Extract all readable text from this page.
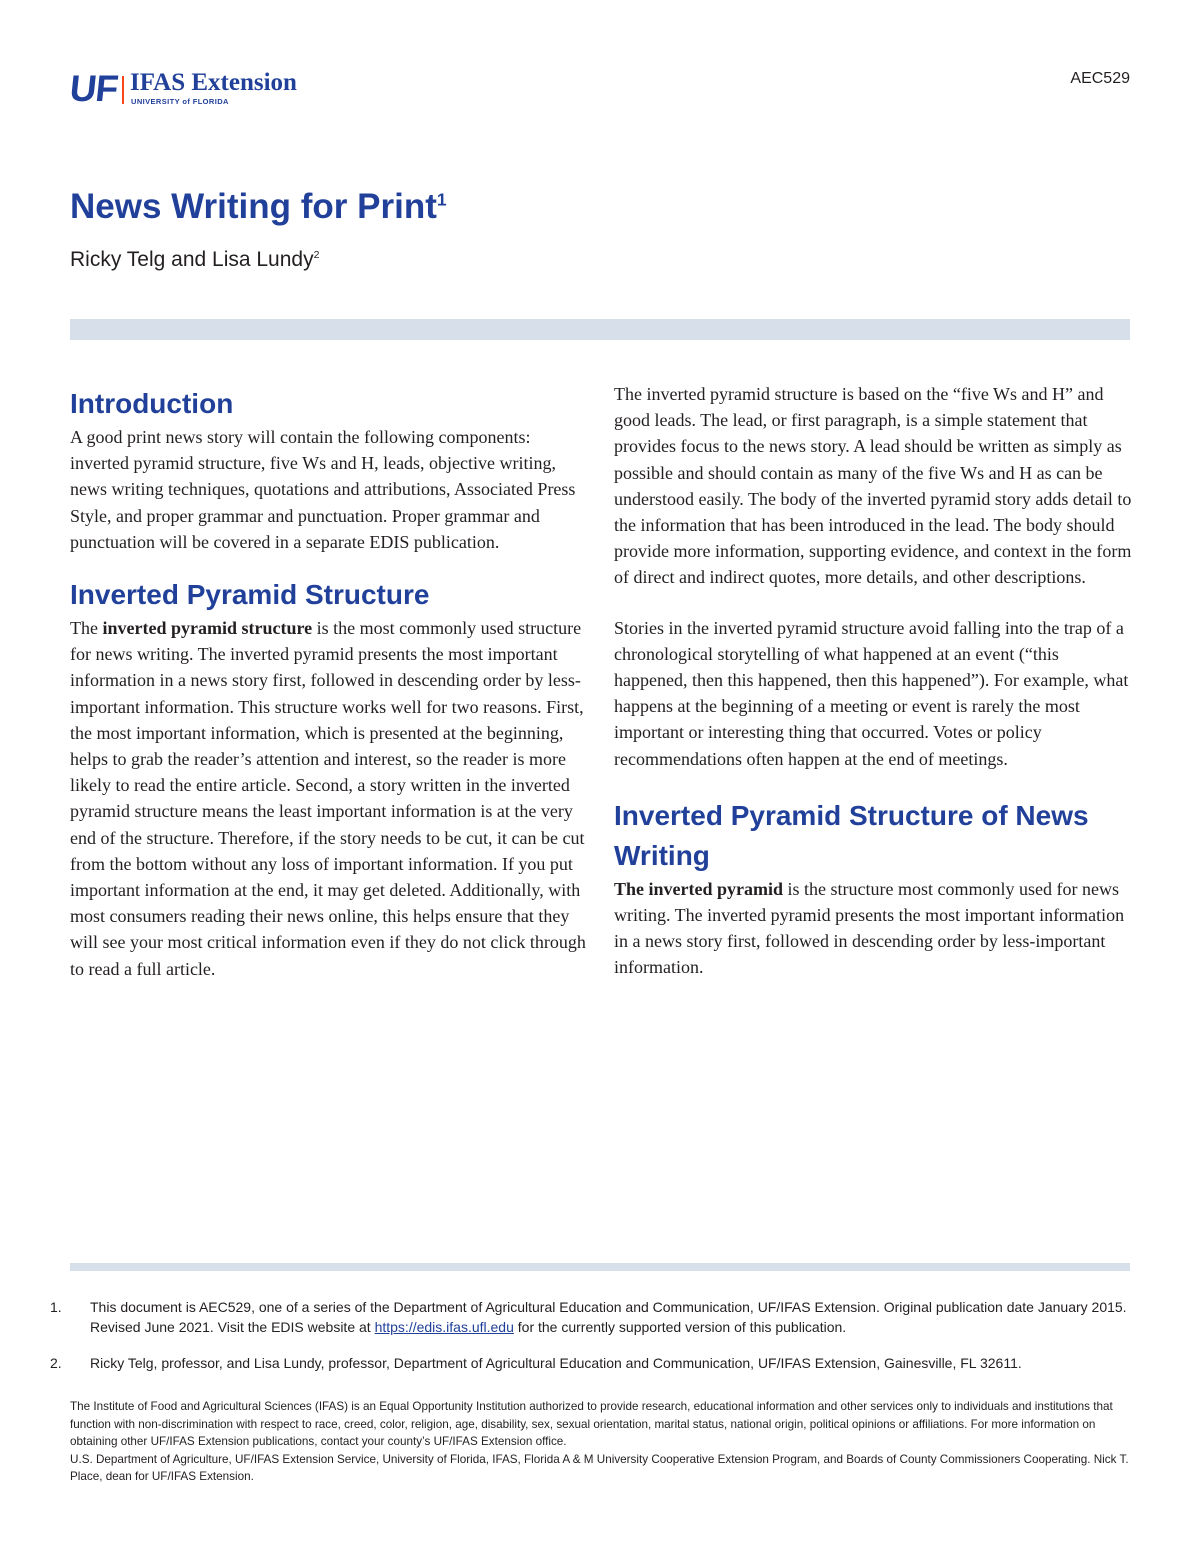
UF IFAS Extension
UNIVERSITY of FLORIDA
AEC529
News Writing for Print$^1$

Ricky Telg and Lisa Lundy$^2$

Introduction

A good print news story will contain the following components: inverted pyramid structure, five Ws and H, leads, objective writing, news writing techniques, quotations and attributions, Associated Press Style, and proper grammar and punctuation. Proper grammar and punctuation will be covered in a separate EDIS publication.

Inverted Pyramid Structure

The inverted pyramid structure is the most commonly used structure for news writing. The inverted pyramid presents the most important information in a news story first, followed in descending order by less-important information. This structure works well for two reasons. First, the most important information, which is presented at the beginning, helps to grab the reader’s attention and interest, so the reader is more likely to read the entire article. Second, a story written in the inverted pyramid structure means the least important information is at the very end of the structure. Therefore, if the story needs to be cut, it can be cut from the bottom without any loss of important information. If you put important information at the end, it may get deleted. Additionally, with most consumers reading their news online, this helps ensure that they will see your most critical information even if they do not click through to read a full article.

The inverted pyramid structure is based on the “five Ws and H” and good leads. The lead, or first paragraph, is a simple statement that provides focus to the news story. A lead should be written as simply as possible and should contain as many of the five Ws and H as can be understood easily. The body of the inverted pyramid story adds detail to the information that has been introduced in the lead. The body should provide more information, supporting evidence, and context in the form of direct and indirect quotes, more details, and other descriptions.

Stories in the inverted pyramid structure avoid falling into the trap of a chronological storytelling of what happened at an event (“this happened, then this happened, then this happened”). For example, what happens at the beginning of a meeting or event is rarely the most important or interesting thing that occurred. Votes or policy recommendations often happen at the end of meetings.

Inverted Pyramid Structure of News Writing

The inverted pyramid is the structure most commonly used for news writing. The inverted pyramid presents the most important information in a news story first, followed in descending order by less-important information.

1. This document is AEC529, one of a series of the Department of Agricultural Education and Communication, UF/IFAS Extension. Original publication date January 2015. Revised June 2021. Visit the EDIS website at https://edis.ifas.ufl.edu for the currently supported version of this publication.
2. Ricky Telg, professor, and Lisa Lundy, professor, Department of Agricultural Education and Communication, UF/IFAS Extension, Gainesville, FL 32611.
The Institute of Food and Agricultural Sciences (IFAS) is an Equal Opportunity Institution authorized to provide research, educational information and other services only to individuals and institutions that function with non-discrimination with respect to race, creed, color, religion, age, disability, sex, sexual orientation, marital status, national origin, political opinions or affiliations. For more information on obtaining other UF/IFAS Extension publications, contact your county’s UF/IFAS Extension office.
U.S. Department of Agriculture, UF/IFAS Extension Service, University of Florida, IFAS, Florida A & M University Cooperative Extension Program, and Boards of County Commissioners Cooperating. Nick T. Place, dean for UF/IFAS Extension.
